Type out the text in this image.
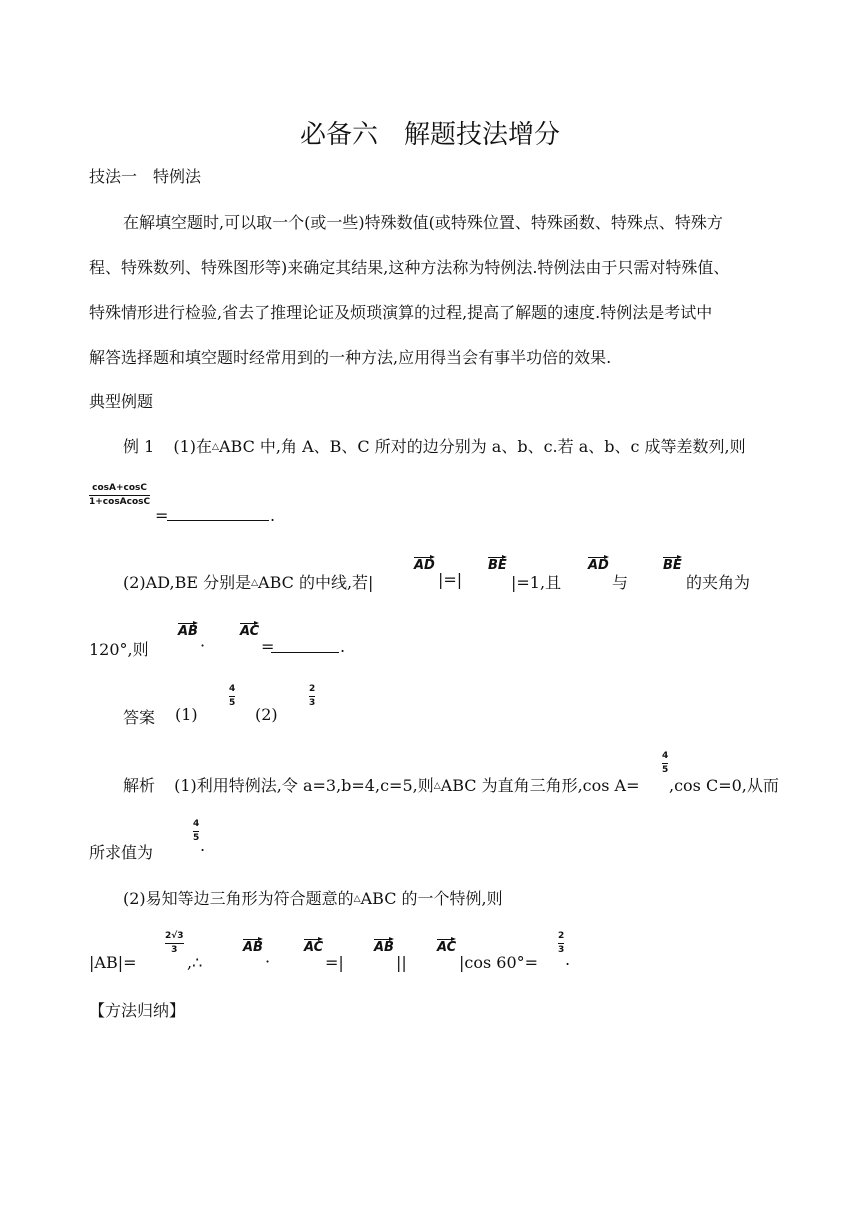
必备六　解题技法增分
技法一　特例法
在解填空题时,可以取一个(或一些)特殊数值(或特殊位置、特殊函数、特殊点、特殊方
程、特殊数列、特殊图形等)来确定其结果,这种方法称为特例法.特例法由于只需对特殊值、
特殊情形进行检验,省去了推理论证及烦琐演算的过程,提高了解题的速度.特例法是考试中
解答选择题和填空题时经常用到的一种方法,应用得当会有事半功倍的效果.
典型例题
例 1 (1)在△ABC 中,角 A、B、C 所对的边分别为 a、b、c.若 a、b、c 成等差数列,则
cosA+cosC
1+cosAcosC
=	.
(2)AD,BE 分别是△ABC 的中线,若|
AD
|=|
BE
|=1,且
AD
与
BE
的夹角为
120°,则
AB
·
AC
=	.
答案 (1)
4
5
(2)
2
3
解析 (1)利用特例法,令 a=3,b=4,c=5,则△ABC 为直角三角形,cos A=
4
5
,cos C=0,从而
所求值为
4
5 .
(2)易知等边三角形为符合题意的△ABC 的一个特例,则
|AB|=
2√3
3
,∴
AB
·
AC
=|
AB
||
AC
|cos 60°=
2
3 .
【方法归纳】
